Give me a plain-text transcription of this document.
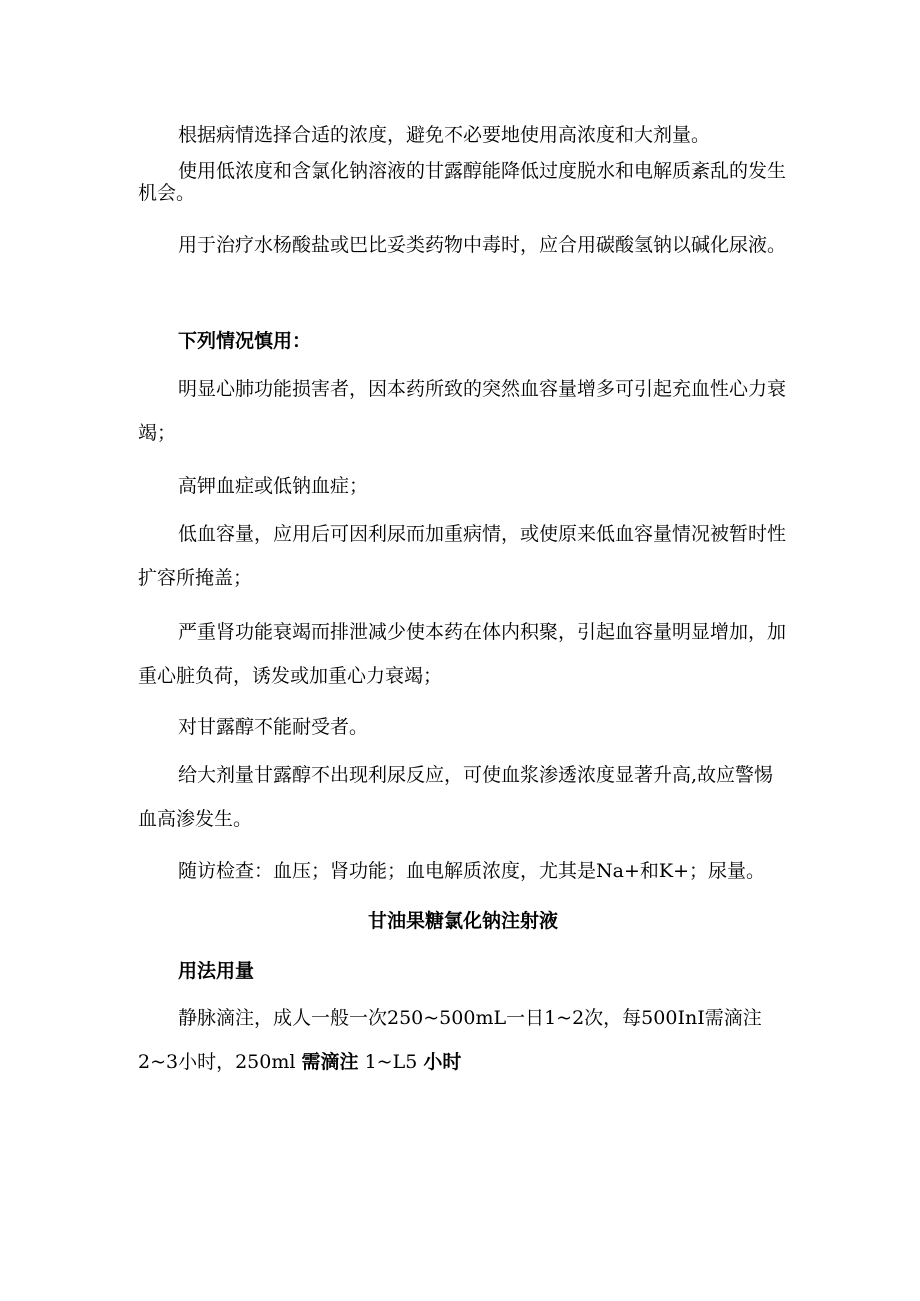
根据病情选择合适的浓度，避免不必要地使用高浓度和大剂量。

使用低浓度和含氯化钠溶液的甘露醇能降低过度脱水和电解质紊乱的发生机会。

用于治疗水杨酸盐或巴比妥类药物中毒时，应合用碳酸氢钠以碱化尿液。

下列情况慎用：

明显心肺功能损害者，因本药所致的突然血容量增多可引起充血性心力衰竭；

高钾血症或低钠血症；

低血容量，应用后可因利尿而加重病情，或使原来低血容量情况被暂时性扩容所掩盖；

严重肾功能衰竭而排泄减少使本药在体内积聚，引起血容量明显增加，加重心脏负荷，诱发或加重心力衰竭；

对甘露醇不能耐受者。

给大剂量甘露醇不出现利尿反应，可使血浆渗透浓度显著升高,故应警惕血高渗发生。

随访检查：血压；肾功能；血电解质浓度，尤其是Na+和K+；尿量。

甘油果糖氯化钠注射液

用法用量

静脉滴注，成人一般一次250~500mL一日1~2次，每500InI需滴注2~3小时，250ml 需滴注 1~L5 小时
